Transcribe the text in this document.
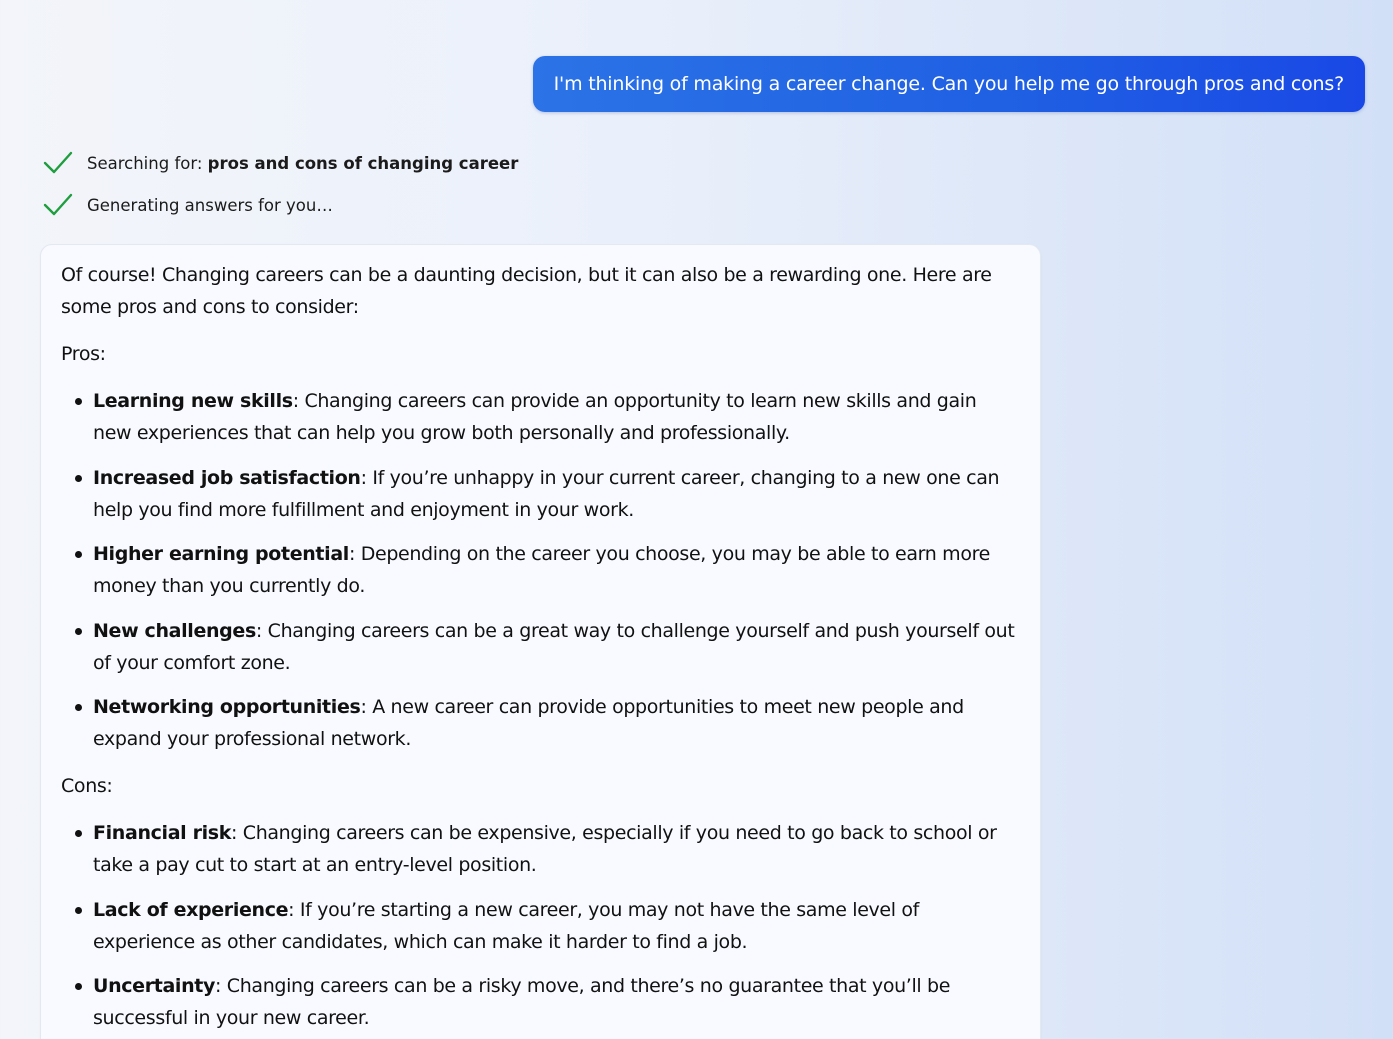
I'm thinking of making a career change. Can you help me go through pros and cons?
Searching for: pros and cons of changing career
Generating answers for you…

Of course! Changing careers can be a daunting decision, but it can also be a rewarding one. Here are some pros and cons to consider:

Pros:

Learning new skills: Changing careers can provide an opportunity to learn new skills and gain new experiences that can help you grow both personally and professionally.
Increased job satisfaction: If you’re unhappy in your current career, changing to a new one can help you find more fulfillment and enjoyment in your work.
Higher earning potential: Depending on the career you choose, you may be able to earn more money than you currently do.
New challenges: Changing careers can be a great way to challenge yourself and push yourself out of your comfort zone.
Networking opportunities: A new career can provide opportunities to meet new people and expand your professional network.

Cons:

Financial risk: Changing careers can be expensive, especially if you need to go back to school or take a pay cut to start at an entry-level position.
Lack of experience: If you’re starting a new career, you may not have the same level of experience as other candidates, which can make it harder to find a job.
Uncertainty: Changing careers can be a risky move, and there’s no guarantee that you’ll be successful in your new career.
